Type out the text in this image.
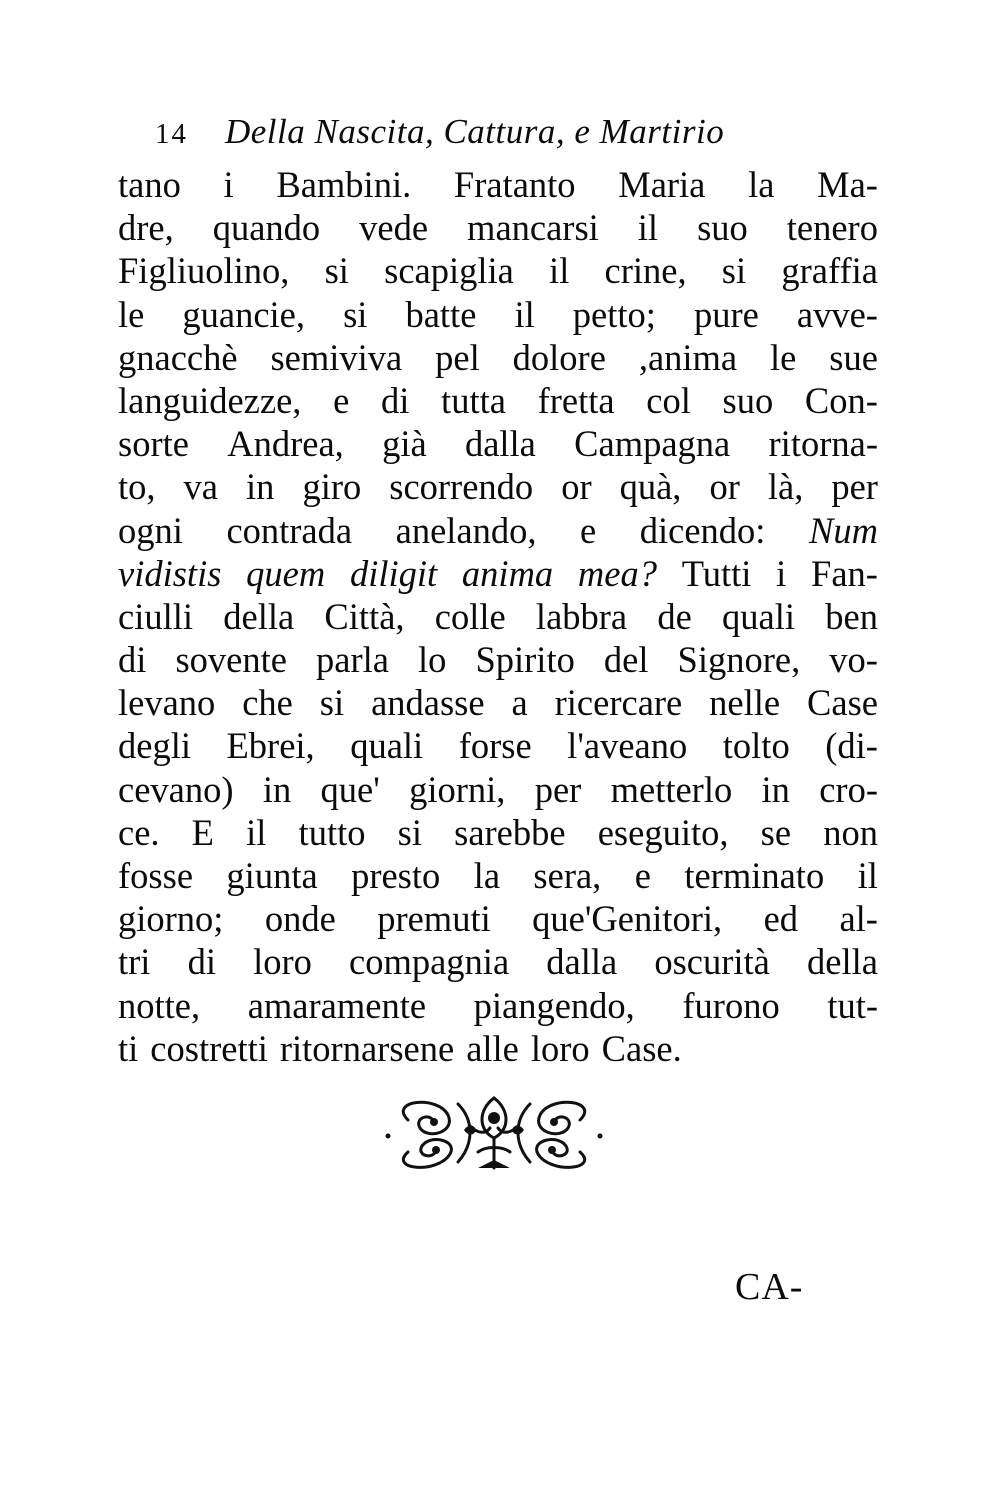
14	Della Nascita, Cattura, e Martirio
tano i Bambini. Fratanto Maria la Ma-
dre, quando vede mancarsi il suo tenero
Figliuolino, si scapiglia il crine, si graffia
le guancie, si batte il petto; pure avve-
gnacchè semiviva pel dolore ,anima le sue
languidezze, e di tutta fretta col suo Con-
sorte Andrea, già dalla Campagna ritorna-
to, va in giro scorrendo or quà, or là, per
ogni contrada anelando, e dicendo: Num
vidistis quem diligit anima mea? Tutti i Fan-
ciulli della Città, colle labbra de quali ben
di sovente parla lo Spirito del Signore, vo-
levano che si andasse a ricercare nelle Case
degli Ebrei, quali forse l'aveano tolto (di-
cevano) in que' giorni, per metterlo in cro-
ce. E il tutto si sarebbe eseguito, se non
fosse giunta presto la sera, e terminato il
giorno; onde premuti que'Genitori, ed al-
tri di loro compagnia dalla oscurità della
notte, amaramente piangendo, furono tut-
ti costretti ritornarsene alle loro Case.
CA-
